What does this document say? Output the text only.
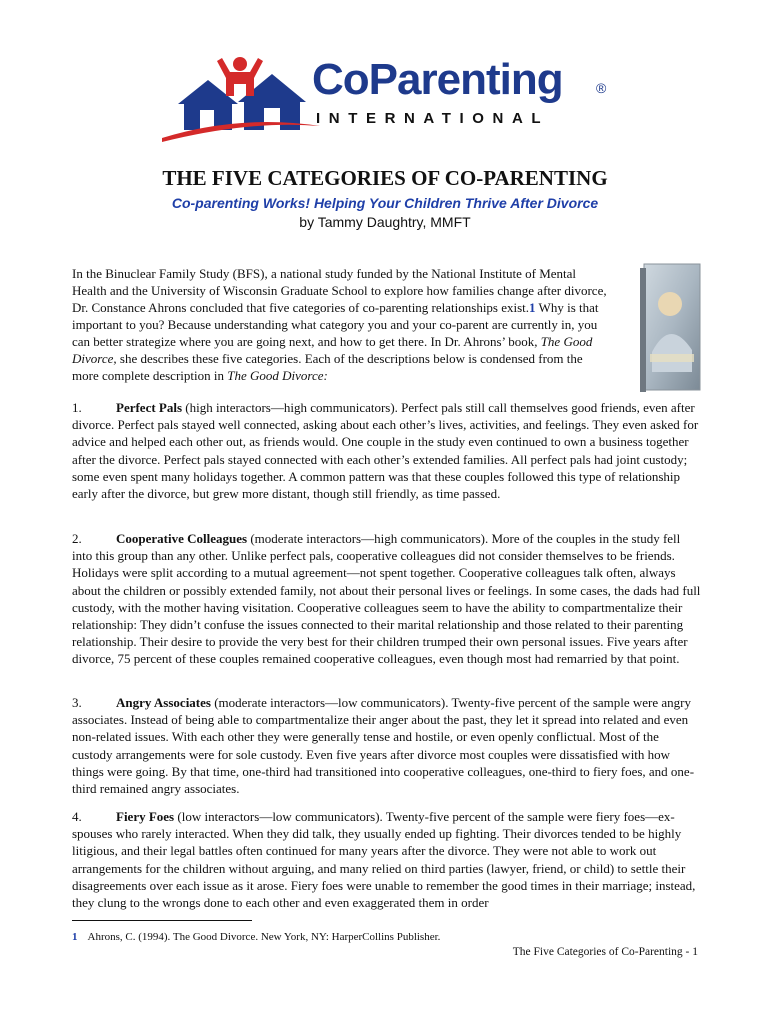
CoParenting ®
INTERNATIONAL
THE FIVE CATEGORIES OF CO-PARENTING
Co-parenting Works! Helping Your Children Thrive After Divorce
by Tammy Daughtry, MMFT

In the Binuclear Family Study (BFS), a national study funded by the National Institute of Mental Health and the University of Wisconsin Graduate School to explore how families change after divorce, Dr. Constance Ahrons concluded that five categories of co-parenting relationships exist.1 Why is that important to you? Because understanding what category you and your co-parent are currently in, you can better strategize where you are going next, and how to get there. In Dr. Ahrons’ book, The Good Divorce, she describes these five categories. Each of the descriptions below is condensed from the more complete description in The Good Divorce:

1.	Perfect Pals (high interactors—high communicators). Perfect pals still call themselves good friends, even after divorce. Perfect pals stayed well connected, asking about each other’s lives, activities, and feelings. They even asked for advice and helped each other out, as friends would. One couple in the study even continued to own a business together after the divorce. Perfect pals stayed connected with each other’s extended families. All perfect pals had joint custody; some even spent many holidays together. A common pattern was that these couples followed this type of relationship early after the divorce, but grew more distant, though still friendly, as time passed.

2.	Cooperative Colleagues (moderate interactors—high communicators). More of the couples in the study fell into this group than any other. Unlike perfect pals, cooperative colleagues did not consider themselves to be friends. Holidays were split according to a mutual agreement—not spent together. Cooperative colleagues talk often, always about the children or possibly extended family, not about their personal lives or feelings. In some cases, the dads had full custody, with the mother having visitation. Cooperative colleagues seem to have the ability to compartmentalize their relationship: They didn’t confuse the issues connected to their marital relationship and those related to their parenting relationship. Their desire to provide the very best for their children trumped their own personal issues. Five years after divorce, 75 percent of these couples remained cooperative colleagues, even though most had remarried by that point.

3.	Angry Associates (moderate interactors—low communicators). Twenty-five percent of the sample were angry associates. Instead of being able to compartmentalize their anger about the past, they let it spread into related and even non-related issues. With each other they were generally tense and hostile, or even openly conflictual. Most of the custody arrangements were for sole custody. Even five years after divorce most couples were dissatisfied with how things were going. By that time, one-third had transitioned into cooperative colleagues, one-third to fiery foes, and one-third remained angry associates.

4.	Fiery Foes (low interactors—low communicators). Twenty-five percent of the sample were fiery foes—ex-spouses who rarely interacted. When they did talk, they usually ended up fighting. Their divorces tended to be highly litigious, and their legal battles often continued for many years after the divorce. They were not able to work out arrangements for the children without arguing, and many relied on third parties (lawyer, friend, or child) to settle their disagreements over each issue as it arose. Fiery foes were unable to remember the good times in their marriage; instead, they clung to the wrongs done to each other and even exaggerated them in order

1 Ahrons, C. (1994). The Good Divorce. New York, NY: HarperCollins Publisher.
The Five Categories of Co-Parenting - 1
